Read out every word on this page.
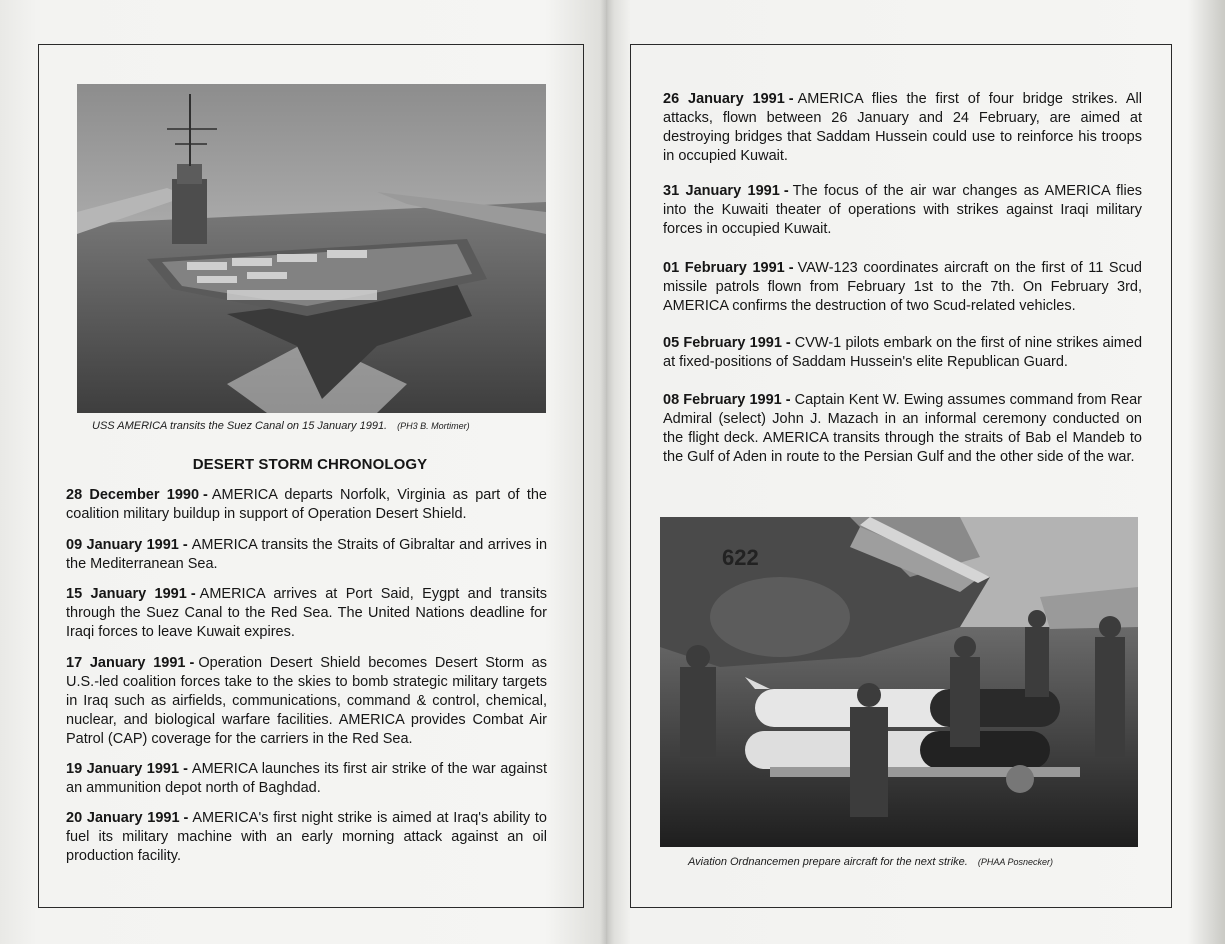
USS AMERICA transits the Suez Canal on 15 January 1991. (PH3 B. Mortimer)
DESERT STORM CHRONOLOGY
28 December 1990 - AMERICA departs Norfolk, Virginia as part of the coalition military buildup in support of Operation Desert Shield.
09 January 1991 - AMERICA transits the Straits of Gibraltar and arrives in the Mediterranean Sea.
15 January 1991 - AMERICA arrives at Port Said, Eygpt and transits through the Suez Canal to the Red Sea. The United Nations deadline for Iraqi forces to leave Kuwait expires.
17 January 1991 - Operation Desert Shield becomes Desert Storm as U.S.-led coalition forces take to the skies to bomb strategic military targets in Iraq such as airfields, communications, command & control, chemical, nuclear, and biological warfare facilities. AMERICA provides Combat Air Patrol (CAP) coverage for the carriers in the Red Sea.
19 January 1991 - AMERICA launches its first air strike of the war against an ammunition depot north of Baghdad.
20 January 1991 - AMERICA's first night strike is aimed at Iraq's ability to fuel its military machine with an early morning attack against an oil production facility.
26 January 1991 - AMERICA flies the first of four bridge strikes. All attacks, flown between 26 January and 24 February, are aimed at destroying bridges that Saddam Hussein could use to reinforce his troops in occupied Kuwait.
31 January 1991 - The focus of the air war changes as AMERICA flies into the Kuwaiti theater of operations with strikes against Iraqi military forces in occupied Kuwait.
01 February 1991 - VAW-123 coordinates aircraft on the first of 11 Scud missile patrols flown from February 1st to the 7th. On February 3rd, AMERICA confirms the destruction of two Scud-related vehicles.
05 February 1991 - CVW-1 pilots embark on the first of nine strikes aimed at fixed-positions of Saddam Hussein's elite Republican Guard.
08 February 1991 - Captain Kent W. Ewing assumes command from Rear Admiral (select) John J. Mazach in an informal ceremony conducted on the flight deck. AMERICA transits through the straits of Bab el Mandeb to the Gulf of Aden in route to the Persian Gulf and the other side of the war.
622
Aviation Ordnancemen prepare aircraft for the next strike. (PHAA Posnecker)
